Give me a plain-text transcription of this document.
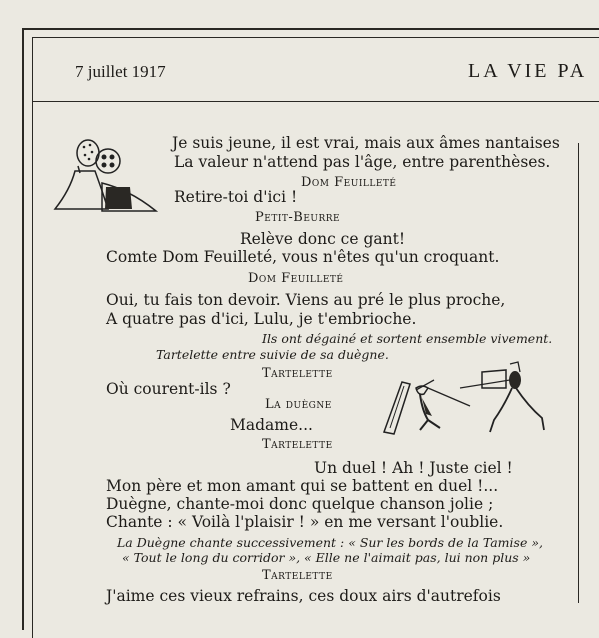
7 juillet 1917	LA VIE PA
Je suis jeune, il est vrai, mais aux âmes nantaises
La valeur n'attend pas l'âge, entre parenthèses.
Dom Feuilleté
Retire-toi d'ici !
Petit-Beurre
Relève donc ce gant!
Comte Dom Feuilleté, vous n'êtes qu'un croquant.
Dom Feuilleté
Oui, tu fais ton devoir. Viens au pré le plus proche,
A quatre pas d'ici, Lulu, je t'embrioche.
Ils ont dégainé et sortent ensemble vivement.
Tartelette entre suivie de sa duègne.
Tartelette
Où courent-ils ?
La duègne
Madame...
Tartelette
Un duel ! Ah ! Juste ciel !
Mon père et mon amant qui se battent en duel !...
Duègne, chante-moi donc quelque chanson jolie ;
Chante : « Voilà l'plaisir ! » en me versant l'oublie.
La Duègne chante successivement : « Sur les bords de la Tamise »,
« Tout le long du corridor », « Elle ne l'aimait pas, lui non plus »
Tartelette
J'aime ces vieux refrains, ces doux airs d'autrefois
